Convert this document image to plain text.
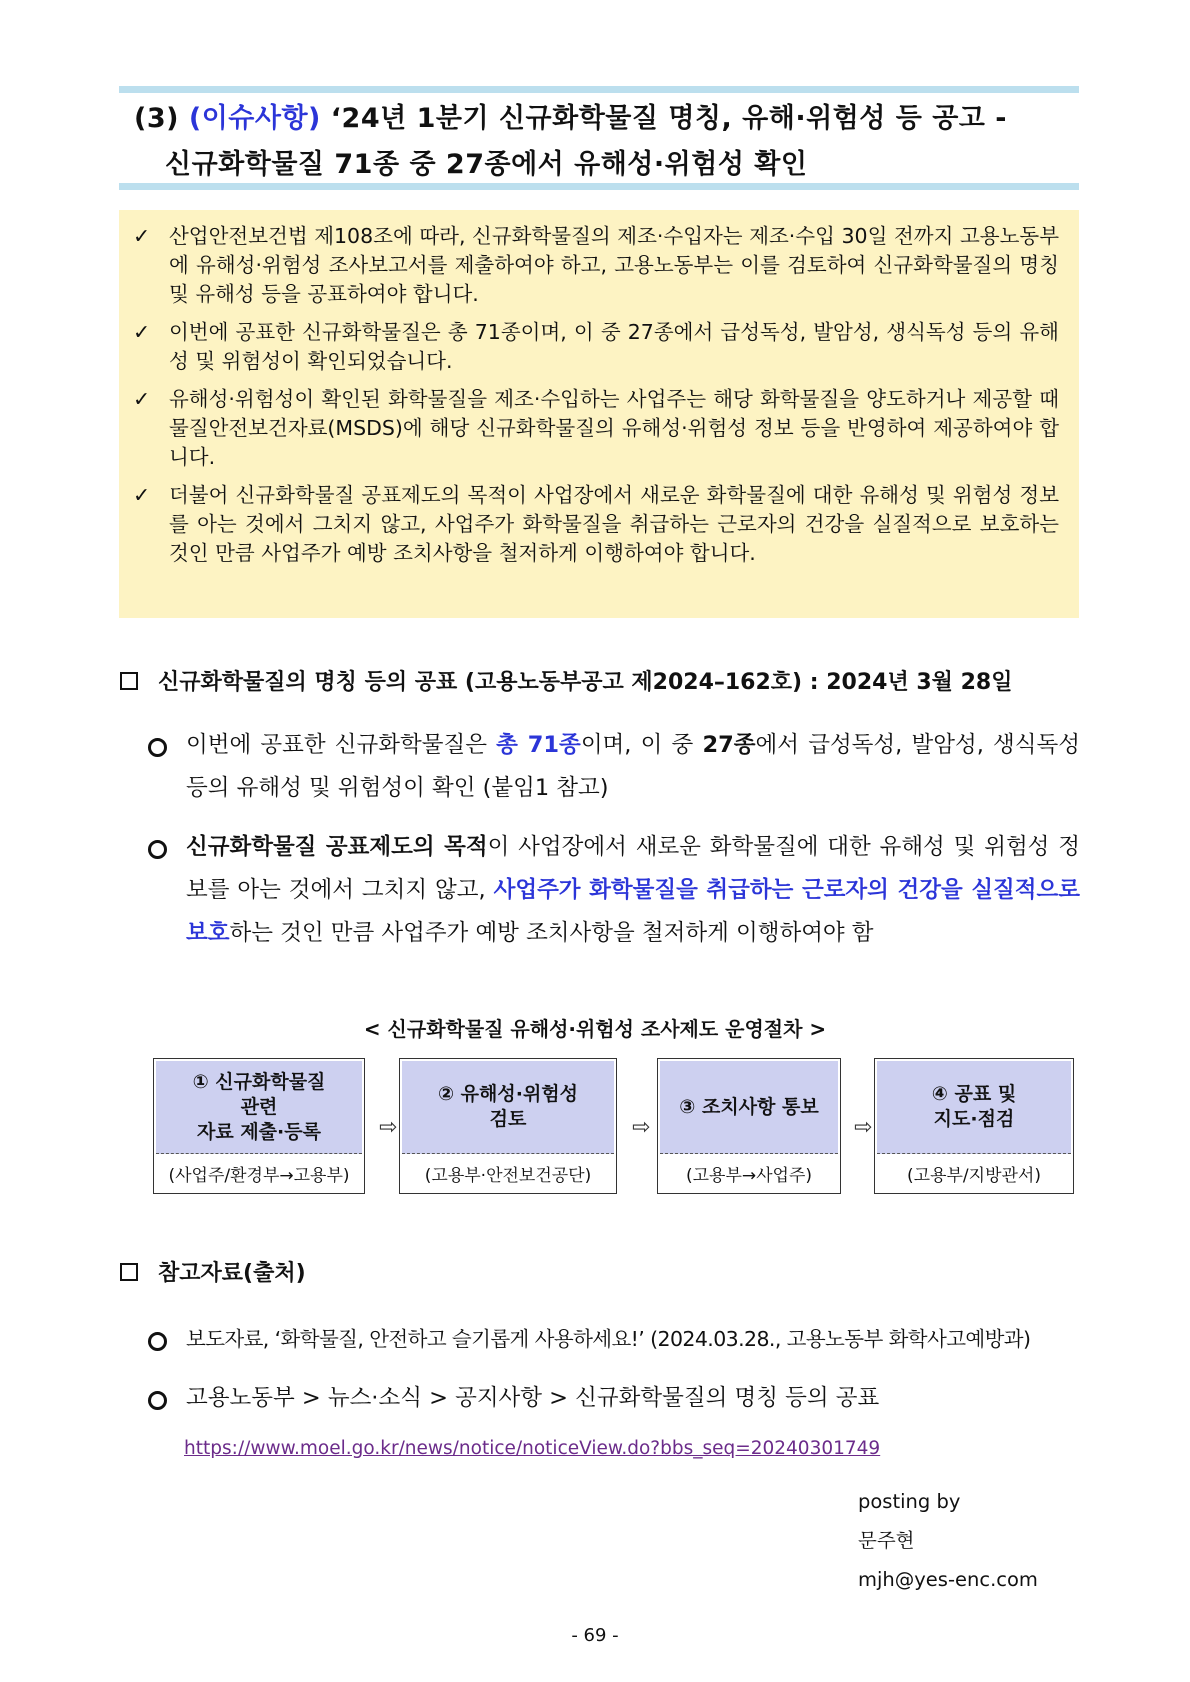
(3) (이슈사항) ‘24년 1분기 신규화학물질 명칭, 유해·위험성 등 공고 -
신규화학물질 71종 중 27종에서 유해성·위험성 확인
✓ 산업안전보건법 제108조에 따라, 신규화학물질의 제조·수입자는 제조·수입 30일 전까지 고용노동부에 유해성·위험성 조사보고서를 제출하여야 하고, 고용노동부는 이를 검토하여 신규화학물질의 명칭 및 유해성 등을 공표하여야 합니다.
✓ 이번에 공표한 신규화학물질은 총 71종이며, 이 중 27종에서 급성독성, 발암성, 생식독성 등의 유해성 및 위험성이 확인되었습니다.
✓ 유해성·위험성이 확인된 화학물질을 제조·수입하는 사업주는 해당 화학물질을 양도하거나 제공할 때 물질안전보건자료(MSDS)에 해당 신규화학물질의 유해성·위험성 정보 등을 반영하여 제공하여야 합니다.
✓ 더불어 신규화학물질 공표제도의 목적이 사업장에서 새로운 화학물질에 대한 유해성 및 위험성 정보를 아는 것에서 그치지 않고, 사업주가 화학물질을 취급하는 근로자의 건강을 실질적으로 보호하는 것인 만큼 사업주가 예방 조치사항을 철저하게 이행하여야 합니다.
신규화학물질의 명칭 등의 공표 (고용노동부공고 제2024–162호) : 2024년 3월 28일
이번에 공표한 신규화학물질은 총 71종이며, 이 중 27종에서 급성독성, 발암성, 생식독성 등의 유해성 및 위험성이 확인 (붙임1 참고)
신규화학물질 공표제도의 목적이 사업장에서 새로운 화학물질에 대한 유해성 및 위험성 정보를 아는 것에서 그치지 않고, 사업주가 화학물질을 취급하는 근로자의 건강을 실질적으로 보호하는 것인 만큼 사업주가 예방 조치사항을 철저하게 이행하여야 함
< 신규화학물질 유해성·위험성 조사제도 운영절차 >
① 신규화학물질
관련
자료 제출·등록
(사업주/환경부→고용부)
⇨
② 유해성·위험성
검토
(고용부·안전보건공단)
⇨
③ 조치사항 통보
(고용부→사업주)
⇨
④ 공표 및
지도·점검
(고용부/지방관서)
참고자료(출처)
보도자료, ‘화학물질, 안전하고 슬기롭게 사용하세요!’ (2024.03.28., 고용노동부 화학사고예방과)
고용노동부 > 뉴스·소식 > 공지사항 > 신규화학물질의 명칭 등의 공표
https://www.moel.go.kr/news/notice/noticeView.do?bbs_seq=20240301749
posting by
문주현
mjh@yes-enc.com
- 69 -
